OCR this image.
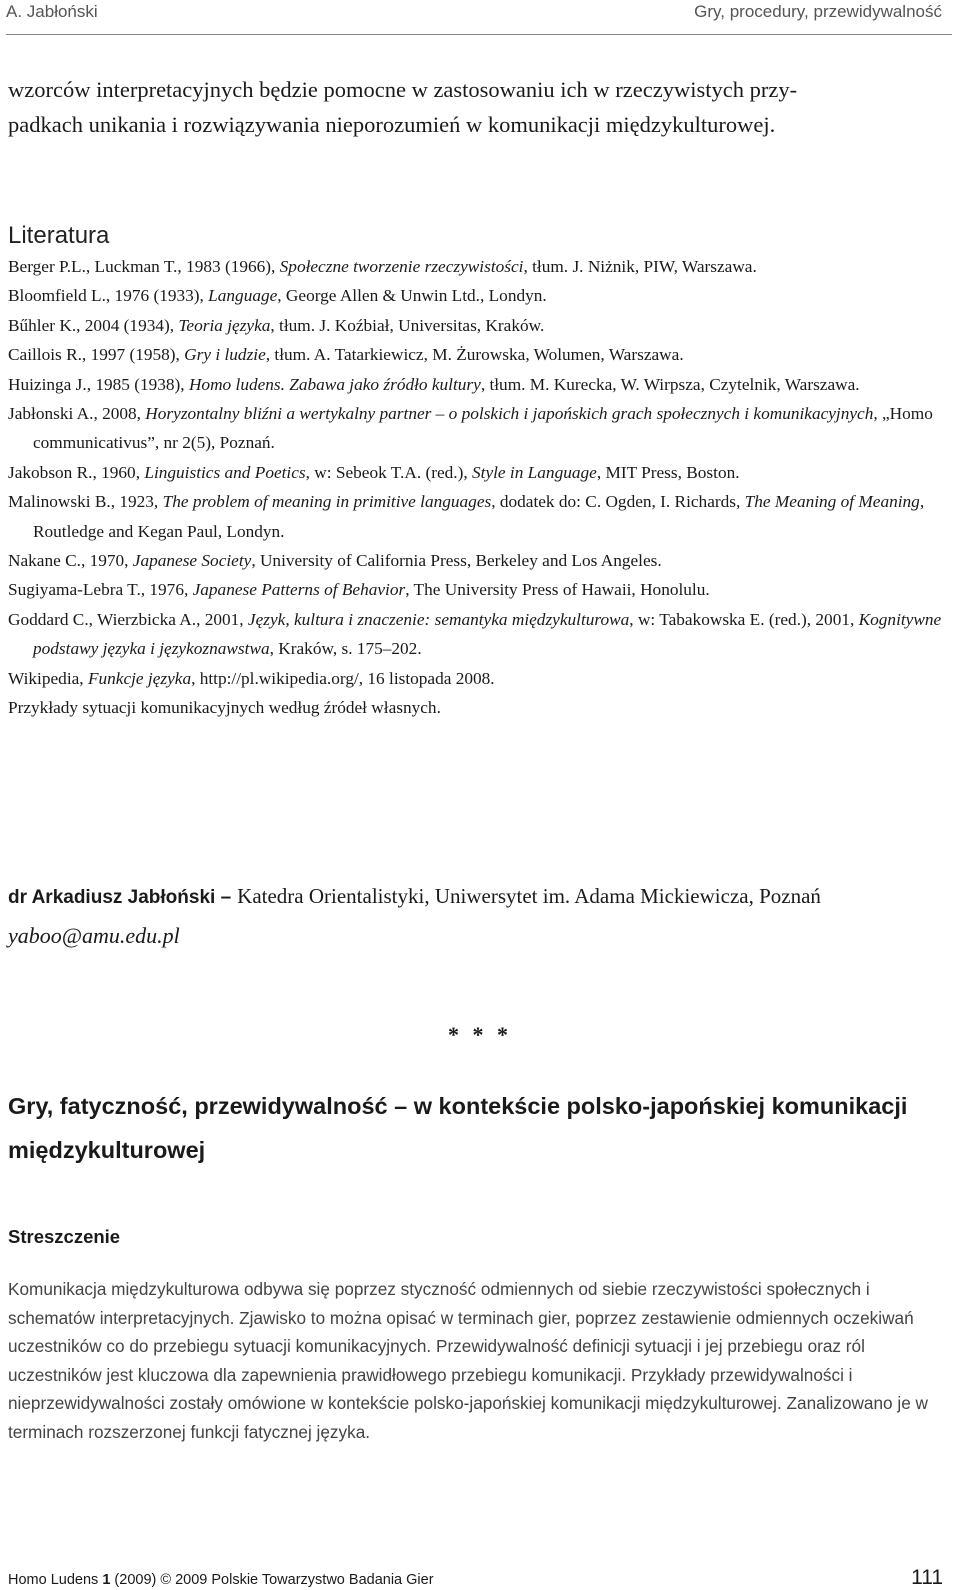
A. Jabłoński	Gry, procedury, przewidywalność
wzorców interpretacyjnych będzie pomocne w zastosowaniu ich w rzeczywistych przy-
padkach unikania i rozwiązywania nieporozumień w komunikacji międzykulturowej.
Literatura
Berger P.L., Luckman T., 1983 (1966), Społeczne tworzenie rzeczywistości, tłum. J. Niżnik, PIW, Warszawa.
Bloomfield L., 1976 (1933), Language, George Allen & Unwin Ltd., Londyn.
Bűhler K., 2004 (1934), Teoria języka, tłum. J. Koźbiał, Universitas, Kraków.
Caillois R., 1997 (1958), Gry i ludzie, tłum. A. Tatarkiewicz, M. Żurowska, Wolumen, Warszawa.
Huizinga J., 1985 (1938), Homo ludens. Zabawa jako źródło kultury, tłum. M. Kurecka, W. Wirpsza, Czytelnik, Warszawa.
Jabłonski A., 2008, Horyzontalny bliźni a wertykalny partner – o polskich i japońskich grach społecznych i komunikacyjnych, „Homo communicativus”, nr 2(5), Poznań.
Jakobson R., 1960, Linguistics and Poetics, w: Sebeok T.A. (red.), Style in Language, MIT Press, Boston.
Malinowski B., 1923, The problem of meaning in primitive languages, dodatek do: C. Ogden, I. Richards, The Meaning of Meaning, Routledge and Kegan Paul, Londyn.
Nakane C., 1970, Japanese Society, University of California Press, Berkeley and Los Angeles.
Sugiyama-Lebra T., 1976, Japanese Patterns of Behavior, The University Press of Hawaii, Honolulu.
Goddard C., Wierzbicka A., 2001, Język, kultura i znaczenie: semantyka międzykulturowa, w: Tabakowska E. (red.), 2001, Kognitywne podstawy języka i językoznawstwa, Kraków, s. 175–202.
Wikipedia, Funkcje języka, http://pl.wikipedia.org/, 16 listopada 2008.
Przykłady sytuacji komunikacyjnych według źródeł własnych.
dr Arkadiusz Jabłoński – Katedra Orientalistyki, Uniwersytet im. Adama Mickiewicza, Poznań
yaboo@amu.edu.pl
* * *
Gry, fatyczność, przewidywalność – w kontekście polsko-japońskiej komunikacji międzykulturowej
Streszczenie

Komunikacja międzykulturowa odbywa się poprzez styczność odmiennych od siebie rzeczywistości społecznych i schematów interpretacyjnych. Zjawisko to można opisać w terminach gier, poprzez zestawienie odmiennych oczekiwań uczestników co do przebiegu sytuacji komunikacyjnych. Przewidywalność definicji sytuacji i jej przebiegu oraz ról uczestników jest kluczowa dla zapewnienia prawidłowego przebiegu komunikacji. Przykłady przewidywalności i nieprzewidywalności zostały omówione w kontekście polsko-japońskiej komunikacji międzykulturowej. Zanalizowano je w terminach rozszerzonej funkcji fatycznej języka.

Homo Ludens 1 (2009) © 2009 Polskie Towarzystwo Badania Gier	111
